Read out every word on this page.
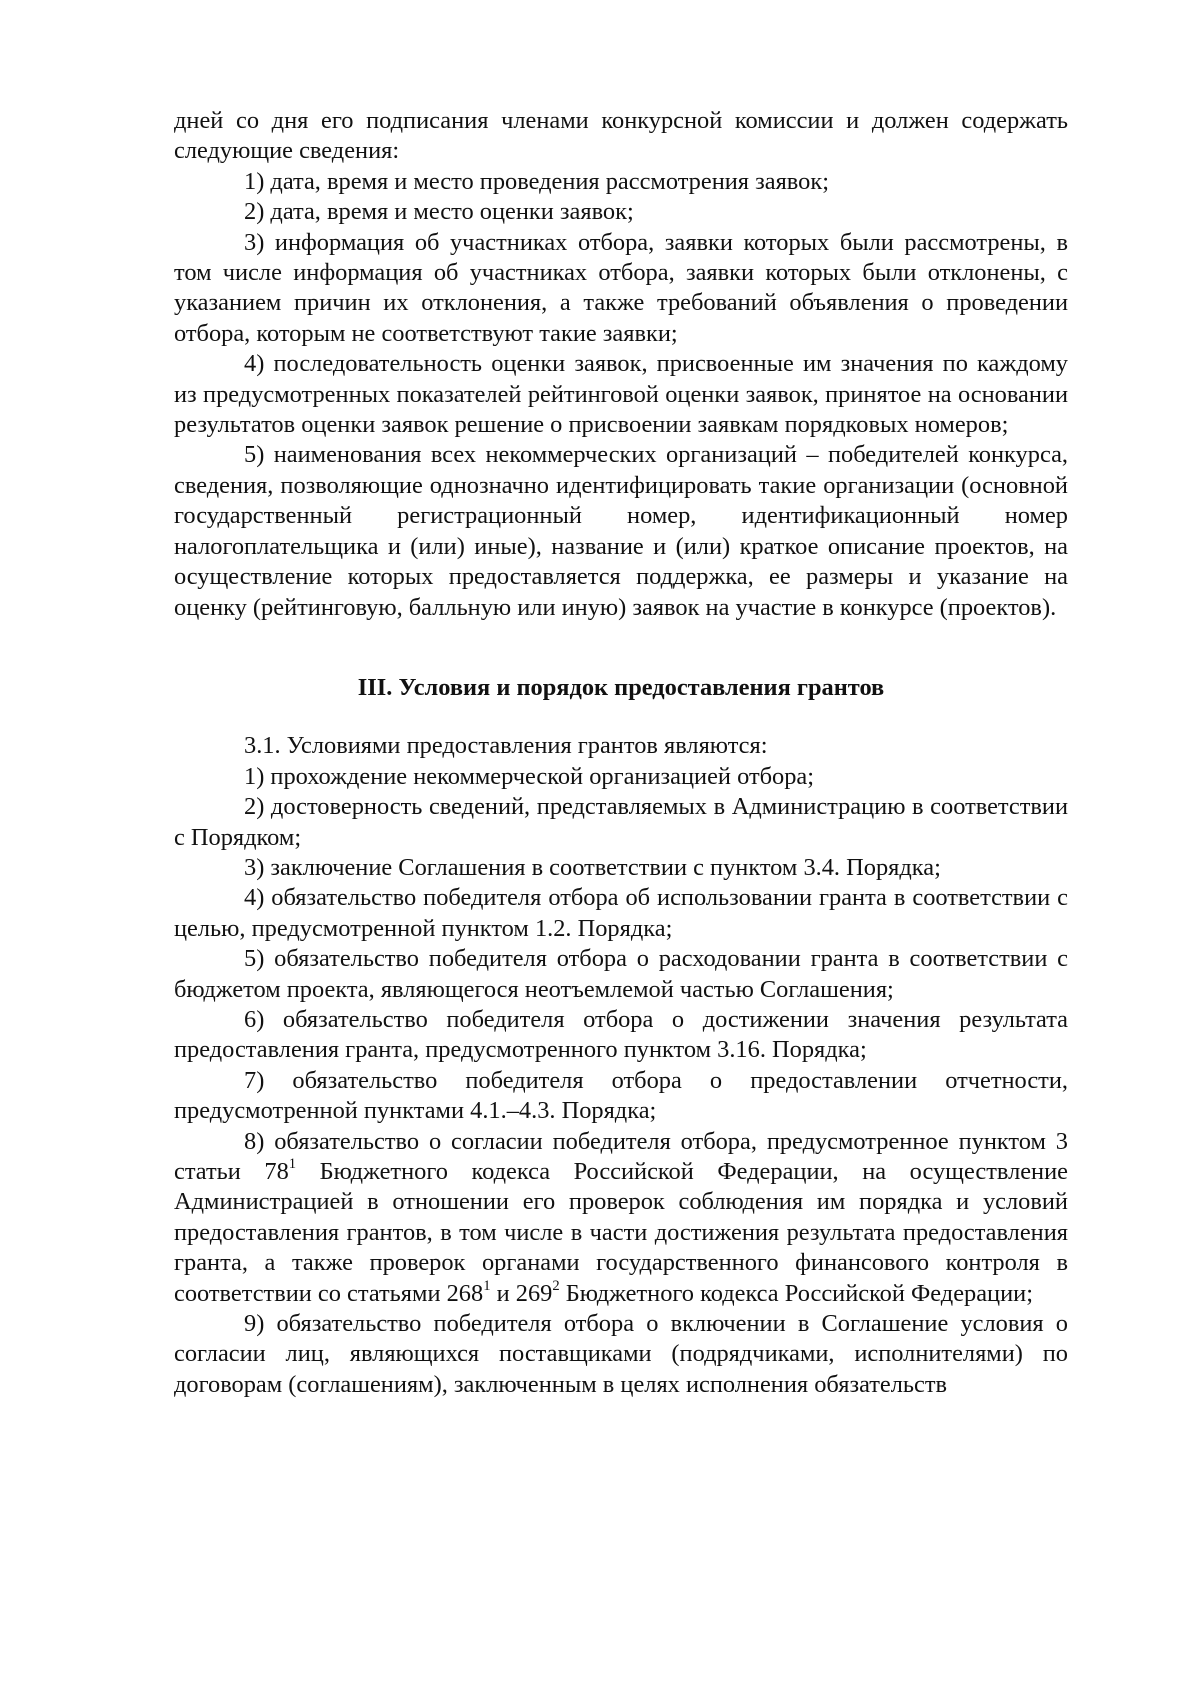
дней со дня его подписания членами конкурсной комиссии и должен содержать следующие сведения:

1) дата, время и место проведения рассмотрения заявок;

2) дата, время и место оценки заявок;

3) информация об участниках отбора, заявки которых были рассмотрены, в том числе информация об участниках отбора, заявки которых были отклонены, с указанием причин их отклонения, а также требований объявления о проведении отбора, которым не соответствуют такие заявки;

4) последовательность оценки заявок, присвоенные им значения по каждому из предусмотренных показателей рейтинговой оценки заявок, принятое на основании результатов оценки заявок решение о присвоении заявкам порядковых номеров;

5) наименования всех некоммерческих организаций – победителей конкурса, сведения, позволяющие однозначно идентифицировать такие организации (основной государственный регистрационный номер, идентификационный номер налогоплательщика и (или) иные), название и (или) краткое описание проектов, на осуществление которых предоставляется поддержка, ее размеры и указание на оценку (рейтинговую, балльную или иную) заявок на участие в конкурсе (проектов).

III. Условия и порядок предоставления грантов

3.1. Условиями предоставления грантов являются:

1) прохождение некоммерческой организацией отбора;

2) достоверность сведений, представляемых в Администрацию в соответствии с Порядком;

3) заключение Соглашения в соответствии с пунктом 3.4. Порядка;

4) обязательство победителя отбора об использовании гранта в соответствии с целью, предусмотренной пунктом 1.2. Порядка;

5) обязательство победителя отбора о расходовании гранта в соответствии с бюджетом проекта, являющегося неотъемлемой частью Соглашения;

6) обязательство победителя отбора о достижении значения результата предоставления гранта, предусмотренного пунктом 3.16. Порядка;

7) обязательство победителя отбора о предоставлении отчетности, предусмотренной пунктами 4.1.–4.3. Порядка;

8) обязательство о согласии победителя отбора, предусмотренное пунктом 3 статьи $78^1$ Бюджетного кодекса Российской Федерации, на осуществление Администрацией в отношении его проверок соблюдения им порядка и условий предоставления грантов, в том числе в части достижения результата предоставления гранта, а также проверок органами государственного финансового контроля в соответствии со статьями $268^1$ и $269^2$ Бюджетного кодекса Российской Федерации;

9) обязательство победителя отбора о включении в Соглашение условия о согласии лиц, являющихся поставщиками (подрядчиками, исполнителями) по договорам (соглашениям), заключенным в целях исполнения обязательств
